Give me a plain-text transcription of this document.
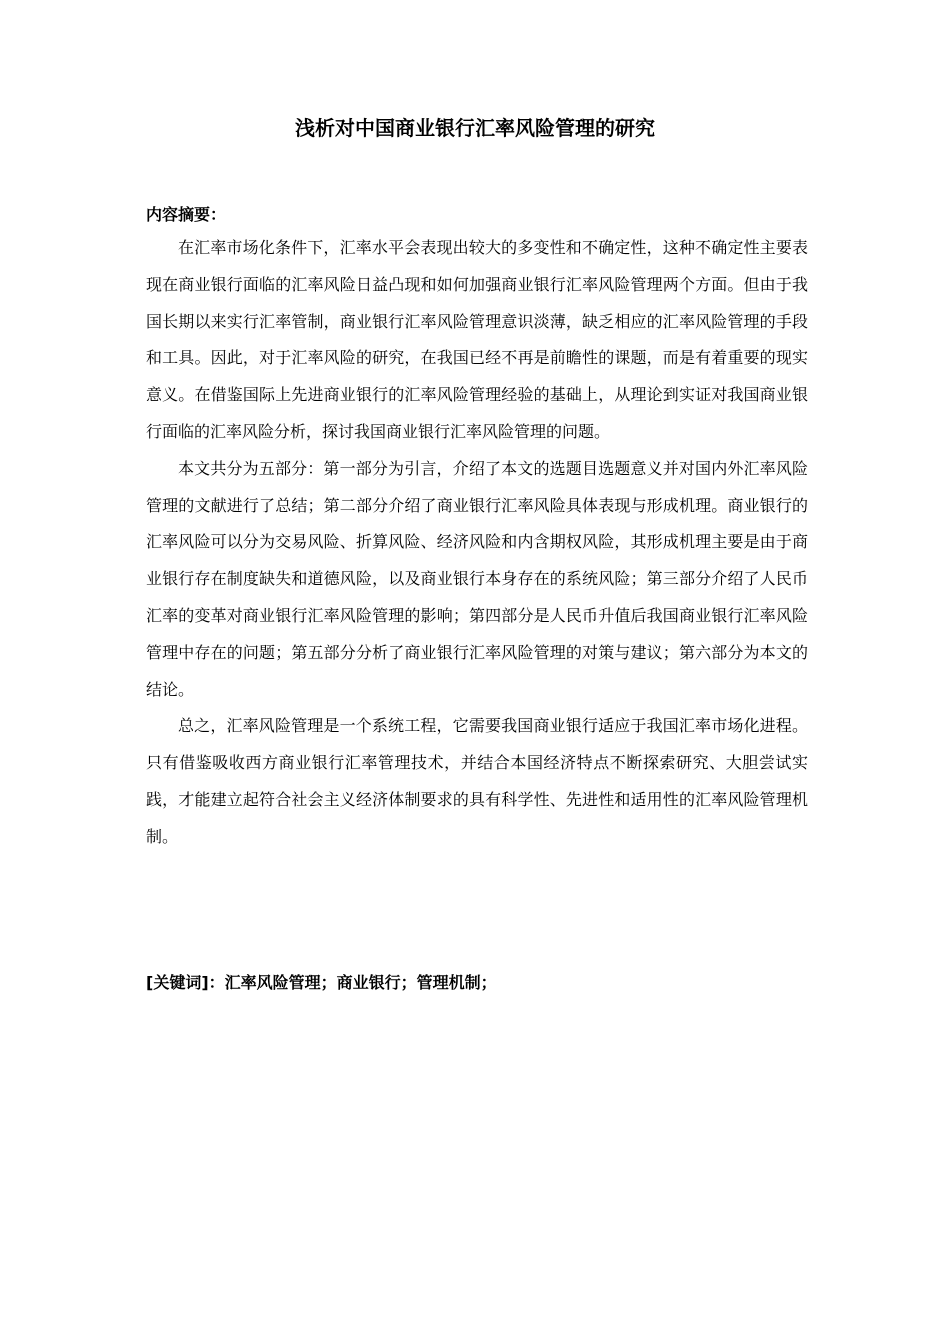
浅析对中国商业银行汇率风险管理的研究
内容摘要：

在汇率市场化条件下，汇率水平会表现出较大的多变性和不确定性，这种不确定性主要表现在商业银行面临的汇率风险日益凸现和如何加强商业银行汇率风险管理两个方面。但由于我国长期以来实行汇率管制，商业银行汇率风险管理意识淡薄，缺乏相应的汇率风险管理的手段和工具。因此，对于汇率风险的研究，在我国已经不再是前瞻性的课题，而是有着重要的现实意义。在借鉴国际上先进商业银行的汇率风险管理经验的基础上，从理论到实证对我国商业银行面临的汇率风险分析，探讨我国商业银行汇率风险管理的问题。

本文共分为五部分：第一部分为引言，介绍了本文的选题目选题意义并对国内外汇率风险管理的文献进行了总结；第二部分介绍了商业银行汇率风险具体表现与形成机理。商业银行的汇率风险可以分为交易风险、折算风险、经济风险和内含期权风险，其形成机理主要是由于商业银行存在制度缺失和道德风险，以及商业银行本身存在的系统风险；第三部分介绍了人民币汇率的变革对商业银行汇率风险管理的影响；第四部分是人民币升值后我国商业银行汇率风险管理中存在的问题；第五部分分析了商业银行汇率风险管理的对策与建议；第六部分为本文的结论。

总之，汇率风险管理是一个系统工程，它需要我国商业银行适应于我国汇率市场化进程。只有借鉴吸收西方商业银行汇率管理技术，并结合本国经济特点不断探索研究、大胆尝试实践，才能建立起符合社会主义经济体制要求的具有科学性、先进性和适用性的汇率风险管理机制。

[关键词]：汇率风险管理；商业银行；管理机制；
